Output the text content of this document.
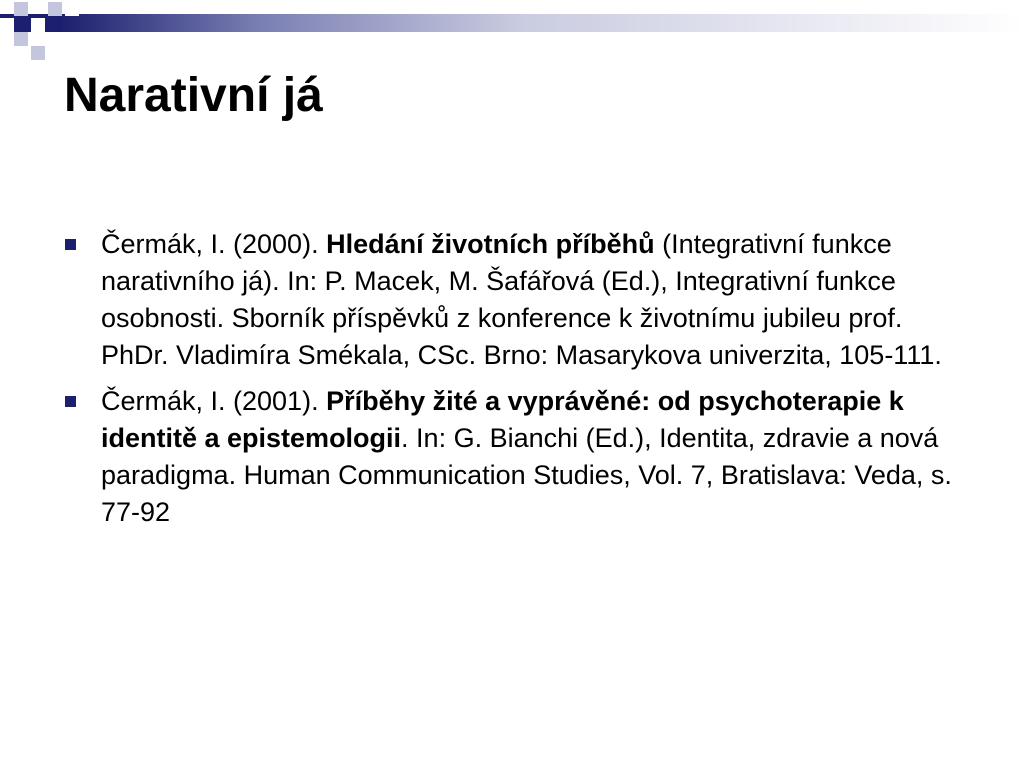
Narativní já
Čermák, I. (2000). Hledání životních příběhů (Integrativní funkce narativního já). In: P. Macek, M. Šafářová (Ed.), Integrativní funkce osobnosti. Sborník příspěvků z konference k životnímu jubileu prof. PhDr. Vladimíra Smékala, CSc. Brno: Masarykova univerzita, 105-111.
Čermák, I. (2001). Příběhy žité a vyprávěné: od psychoterapie k identitě a epistemologii. In: G. Bianchi (Ed.), Identita, zdravie a nová paradigma. Human Communication Studies, Vol. 7, Bratislava: Veda, s. 77-92
